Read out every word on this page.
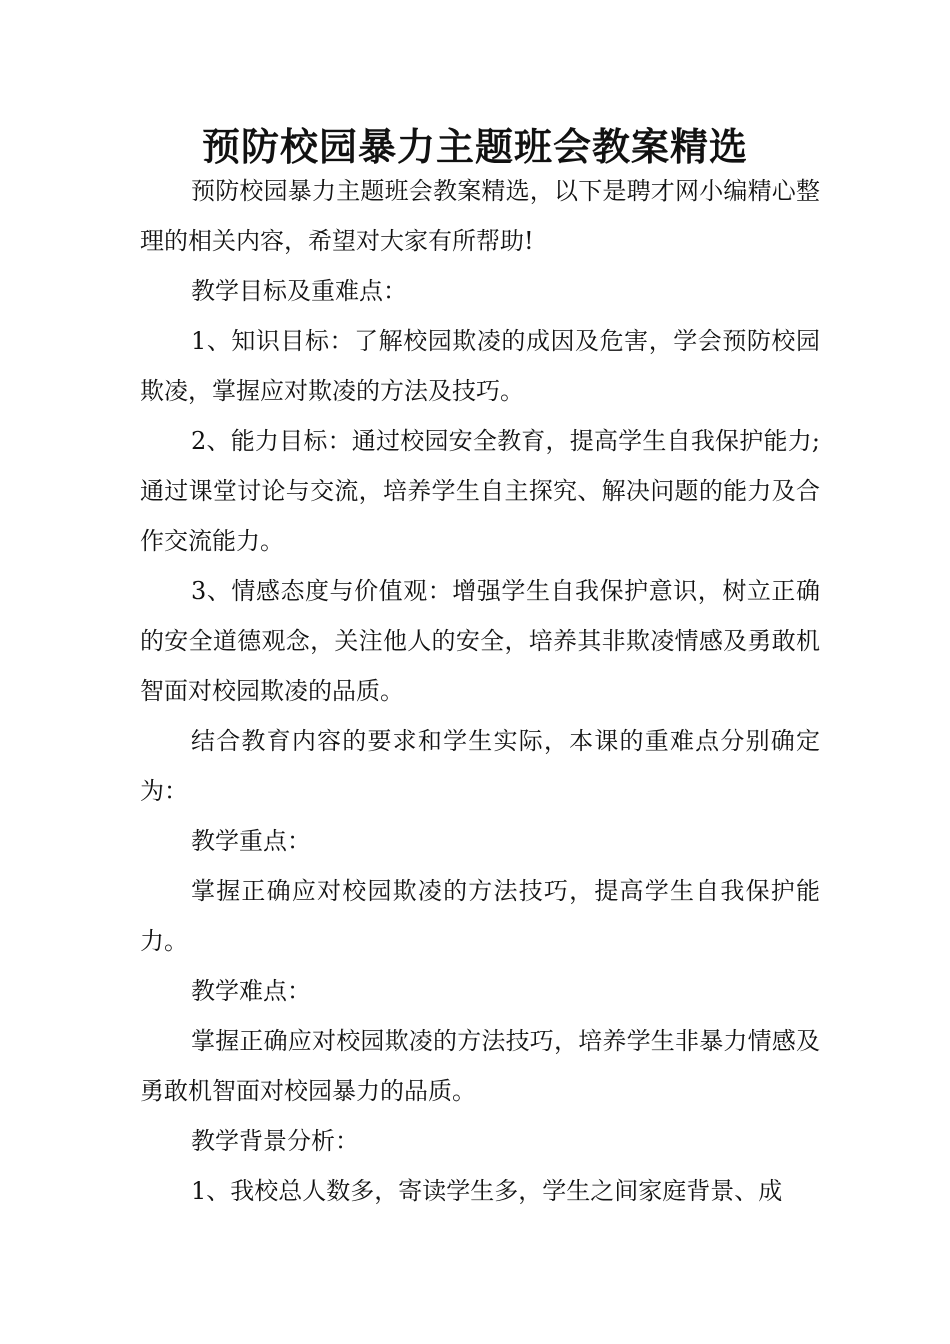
预防校园暴力主题班会教案精选

预防校园暴力主题班会教案精选，以下是聘才网小编精心整理的相关内容，希望对大家有所帮助!

教学目标及重难点：

1、知识目标：了解校园欺凌的成因及危害，学会预防校园欺凌，掌握应对欺凌的方法及技巧。

2、能力目标：通过校园安全教育，提高学生自我保护能力;通过课堂讨论与交流，培养学生自主探究、解决问题的能力及合作交流能力。

3、情感态度与价值观：增强学生自我保护意识，树立正确的安全道德观念，关注他人的安全，培养其非欺凌情感及勇敢机智面对校园欺凌的品质。

结合教育内容的要求和学生实际，本课的重难点分别确定为：

教学重点：

掌握正确应对校园欺凌的方法技巧，提高学生自我保护能力。

教学难点：

掌握正确应对校园欺凌的方法技巧，培养学生非暴力情感及勇敢机智面对校园暴力的品质。

教学背景分析：

1、我校总人数多，寄读学生多，学生之间家庭背景、成
